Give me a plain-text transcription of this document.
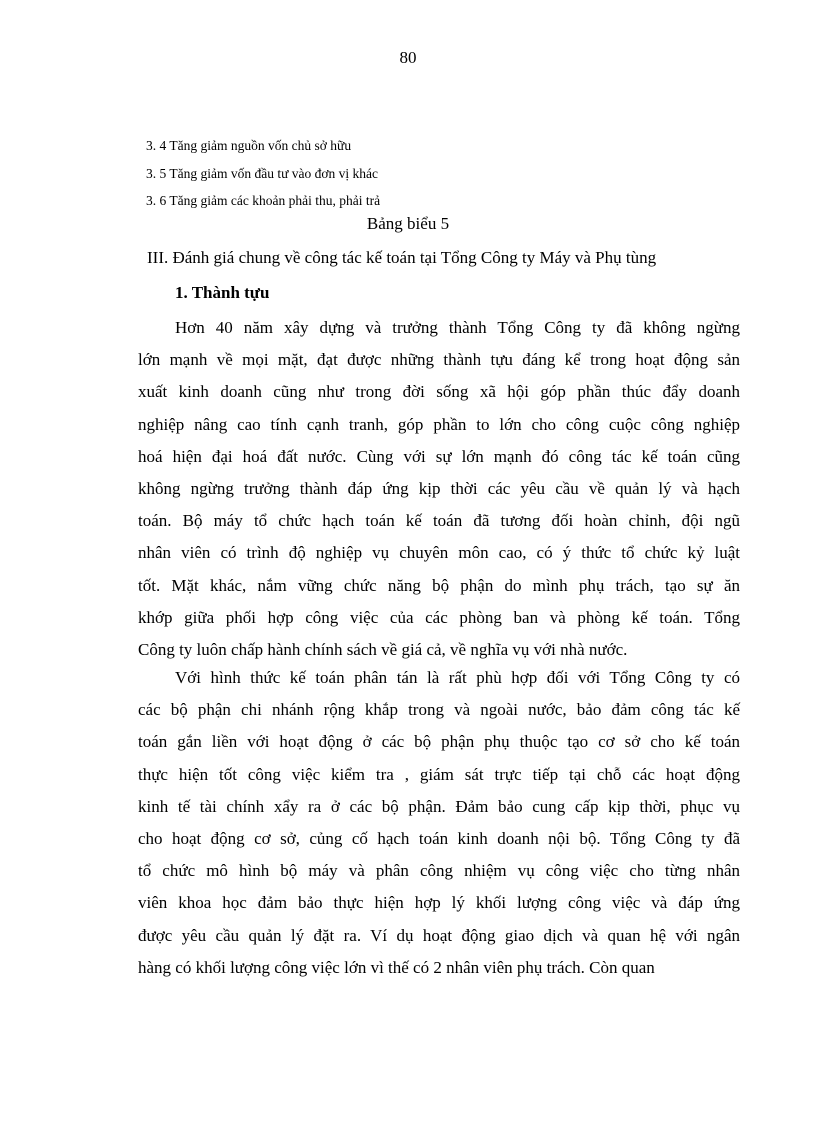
80
3. 4 Tăng giảm nguồn vốn chủ sở hữu
3. 5 Tăng giảm vốn đầu tư vào đơn vị khác
3. 6 Tăng giảm các khoản phải thu, phải trả
Bảng biểu 5
III. Đánh giá chung về công tác kế toán tại Tổng Công ty Máy và Phụ tùng
1. Thành tựu
Hơn 40 năm xây dựng và trưởng thành Tổng Công ty đã không ngừng
lớn mạnh về mọi mặt, đạt được những thành tựu đáng kể trong hoạt động sản
xuất kinh doanh cũng như trong đời sống xã hội góp phần thúc đẩy doanh
nghiệp nâng cao tính cạnh tranh, góp phần to lớn cho công cuộc công nghiệp
hoá hiện đại hoá đất nước. Cùng với sự lớn mạnh đó công tác kế toán cũng
không ngừng trưởng thành đáp ứng kịp thời các yêu cầu về quản lý và hạch
toán. Bộ máy tổ chức hạch toán kế toán đã tương đối hoàn chỉnh, đội ngũ
nhân viên có trình độ nghiệp vụ chuyên môn cao, có ý thức tổ chức kỷ luật
tốt. Mặt khác, nắm vững chức năng bộ phận do mình phụ trách, tạo sự ăn
khớp giữa phối hợp công việc của các phòng ban và phòng kế toán. Tổng
Công ty luôn chấp hành chính sách về giá cả, về nghĩa vụ với nhà nước.
Với hình thức kế toán phân tán là rất phù hợp đối với Tổng Công ty có
các bộ phận chi nhánh rộng khắp trong và ngoài nước, bảo đảm công tác kế
toán gắn liền với hoạt động ở các bộ phận phụ thuộc tạo cơ sở cho kế toán
thực hiện tốt công việc kiểm tra , giám sát trực tiếp tại chỗ các hoạt động
kinh tế tài chính xẩy ra ở các bộ phận. Đảm bảo cung cấp kịp thời, phục vụ
cho hoạt động cơ sở, củng cố hạch toán kinh doanh nội bộ. Tổng Công ty đã
tổ chức mô hình bộ máy và phân công nhiệm vụ công việc cho từng nhân
viên khoa học đảm bảo thực hiện hợp lý khối lượng công việc và đáp ứng
được yêu cầu quản lý đặt ra. Ví dụ hoạt động giao dịch và quan hệ với ngân
hàng có khối lượng công việc lớn vì thế có 2 nhân viên phụ trách. Còn quan
